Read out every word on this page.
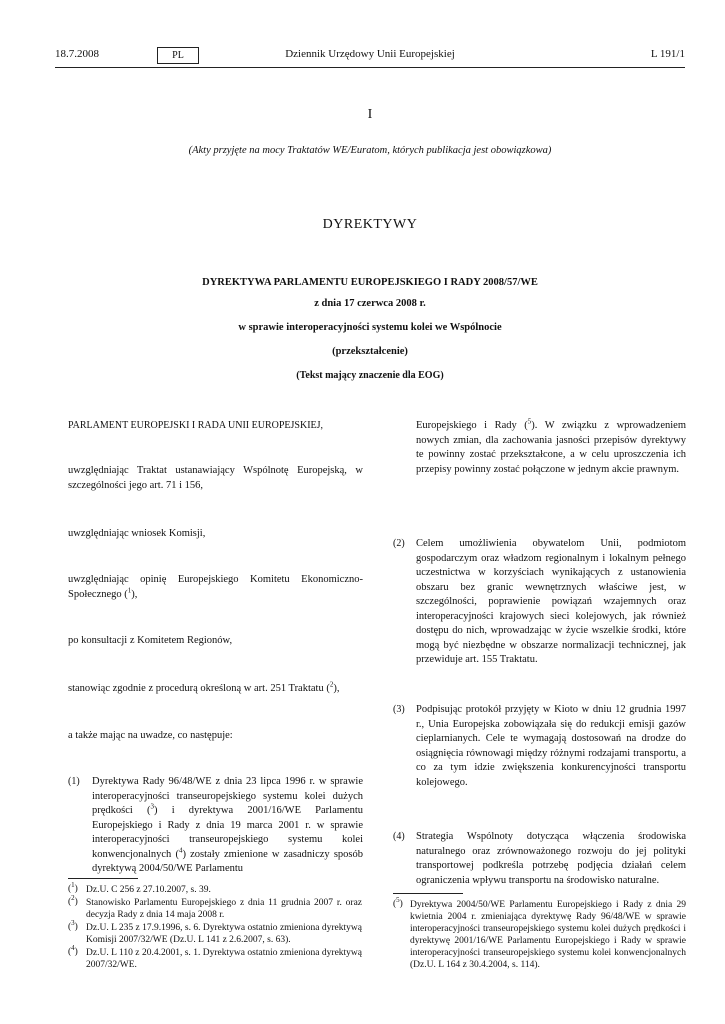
Dziennik Urzędowy Unii Europejskiej
18.7.2008	PL	L 191/1
I
(Akty przyjęte na mocy Traktatów WE/Euratom, których publikacja jest obowiązkowa)
DYREKTYWY
DYREKTYWA PARLAMENTU EUROPEJSKIEGO I RADY 2008/57/WE
z dnia 17 czerwca 2008 r.
w sprawie interoperacyjności systemu kolei we Wspólnocie
(przekształcenie)
(Tekst mający znaczenie dla EOG)
PARLAMENT EUROPEJSKI I RADA UNII EUROPEJSKIEJ,
uwzględniając Traktat ustanawiający Wspólnotę Europejską, w szczególności jego art. 71 i 156,
uwzględniając wniosek Komisji,
uwzględniając opinię Europejskiego Komitetu Ekonomiczno-Społecznego ($^1$),
po konsultacji z Komitetem Regionów,
stanowiąc zgodnie z procedurą określoną w art. 251 Traktatu ($^2$),
a także mając na uwadze, co następuje:
(1) Dyrektywa Rady 96/48/WE z dnia 23 lipca 1996 r. w sprawie interoperacyjności transeuropejskiego systemu kolei dużych prędkości ($^3$) i dyrektywa 2001/16/WE Parlamentu Europejskiego i Rady z dnia 19 marca 2001 r. w sprawie interoperacyjności transeuropejskiego systemu kolei konwencjonalnych ($^4$) zostały zmienione w zasadniczy sposób dyrektywą 2004/50/WE Parlamentu
($^1$) Dz.U. C 256 z 27.10.2007, s. 39.
($^2$) Stanowisko Parlamentu Europejskiego z dnia 11 grudnia 2007 r. oraz decyzja Rady z dnia 14 maja 2008 r.
($^3$) Dz.U. L 235 z 17.9.1996, s. 6. Dyrektywa ostatnio zmieniona dyrektywą Komisji 2007/32/WE (Dz.U. L 141 z 2.6.2007, s. 63).
($^4$) Dz.U. L 110 z 20.4.2001, s. 1. Dyrektywa ostatnio zmieniona dyrektywą 2007/32/WE.
Europejskiego i Rady ($^5$). W związku z wprowadzeniem nowych zmian, dla zachowania jasności przepisów dyrektywy te powinny zostać przekształcone, a w celu uproszczenia ich przepisy powinny zostać połączone w jednym akcie prawnym.
(2) Celem umożliwienia obywatelom Unii, podmiotom gospodarczym oraz władzom regionalnym i lokalnym pełnego uczestnictwa w korzyściach wynikających z ustanowienia obszaru bez granic wewnętrznych właściwe jest, w szczególności, poprawienie powiązań wzajemnych oraz interoperacyjności krajowych sieci kolejowych, jak również dostępu do nich, wprowadzając w życie wszelkie środki, które mogą być niezbędne w obszarze normalizacji technicznej, jak przewiduje art. 155 Traktatu.
(3) Podpisując protokół przyjęty w Kioto w dniu 12 grudnia 1997 r., Unia Europejska zobowiązała się do redukcji emisji gazów cieplarnianych. Cele te wymagają dostosowań na drodze do osiągnięcia równowagi między różnymi rodzajami transportu, a co za tym idzie zwiększenia konkurencyjności transportu kolejowego.
(4) Strategia Wspólnoty dotycząca włączenia środowiska naturalnego oraz zrównoważonego rozwoju do jej polityki transportowej podkreśla potrzebę podjęcia działań celem ograniczenia wpływu transportu na środowisko naturalne.
($^5$) Dyrektywa 2004/50/WE Parlamentu Europejskiego i Rady z dnia 29 kwietnia 2004 r. zmieniająca dyrektywę Rady 96/48/WE w sprawie interoperacyjności transeuropejskiego systemu kolei dużych prędkości i dyrektywę 2001/16/WE Parlamentu Europejskiego i Rady w sprawie interoperacyjności transeuropejskiego systemu kolei konwencjonalnych (Dz.U. L 164 z 30.4.2004, s. 114).
